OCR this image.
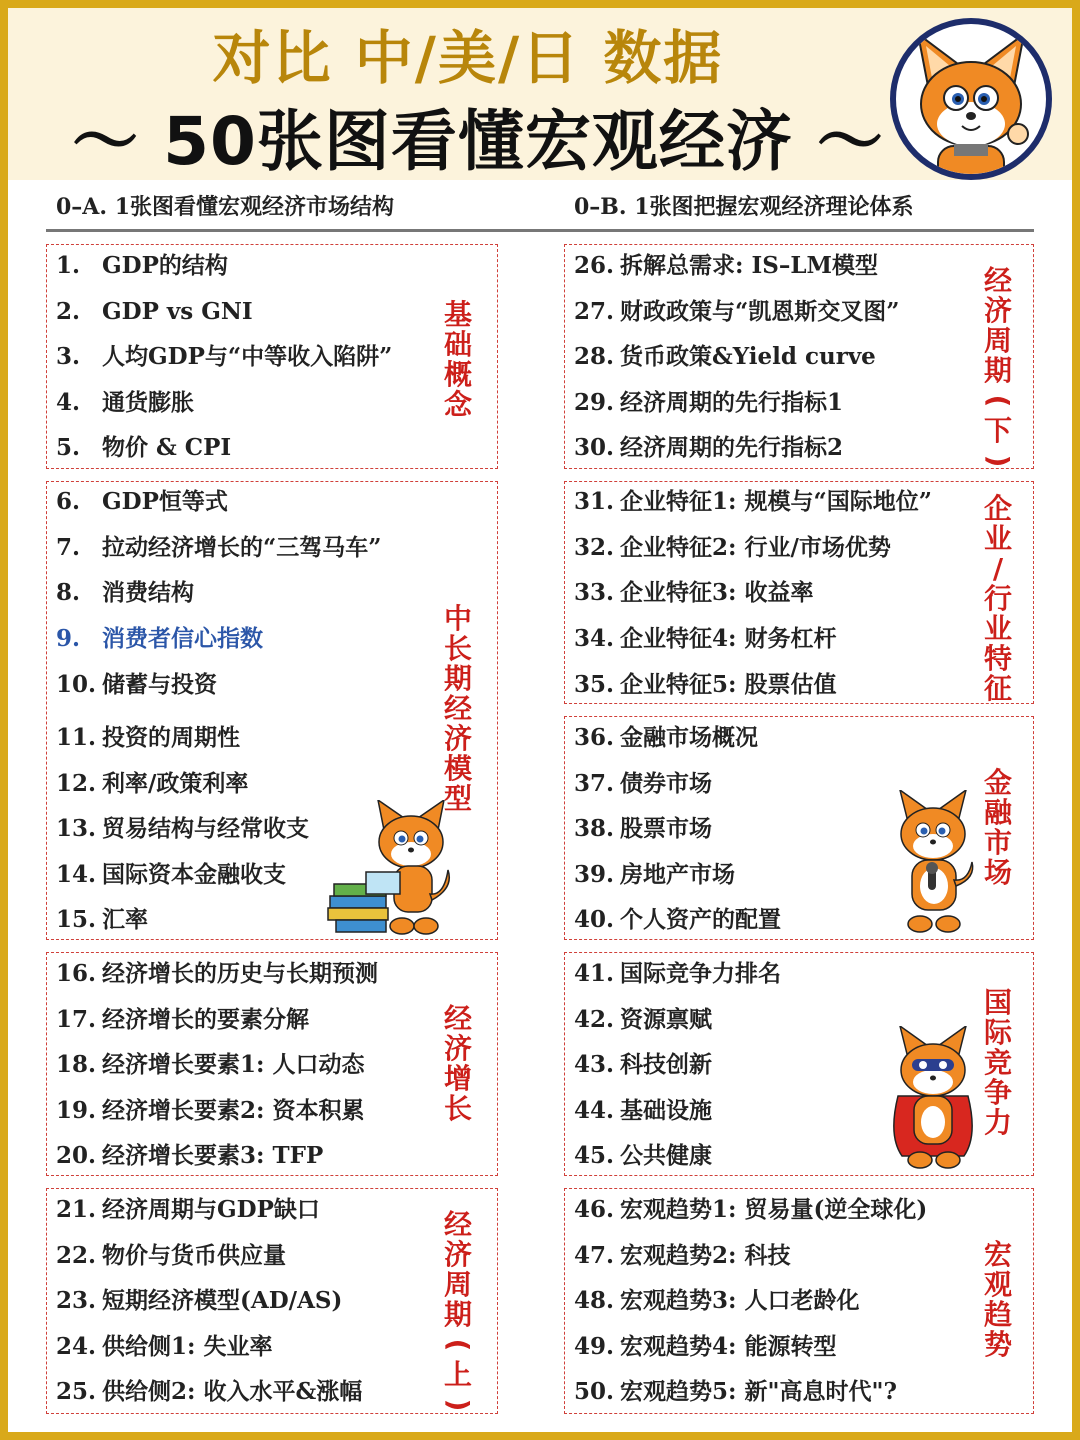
对比 中/美/日 数据
～ 50张图看懂宏观经济 ～
0–A. 1张图看懂宏观经济市场结构	0–B. 1张图把握宏观经济理论体系
1. GDP的结构
2. GDP vs GNI
3. 人均GDP与“中等收入陷阱”
4. 通货膨胀
5. 物价 & CPI
6. GDP恒等式
7. 拉动经济增长的“三驾马车”
8. 消费结构
9. 消费者信心指数
10. 储蓄与投资
11. 投资的周期性
12. 利率/政策利率
13. 贸易结构与经常收支
14. 国际资本金融收支
15. 汇率
16. 经济增长的历史与长期预测
17. 经济增长的要素分解
18. 经济增长要素1: 人口动态
19. 经济增长要素2: 资本积累
20. 经济增长要素3: TFP
21. 经济周期与GDP缺口
22. 物价与货币供应量
23. 短期经济模型(AD/AS)
24. 供给侧1: 失业率
25. 供给侧2: 收入水平&涨幅
26. 拆解总需求: IS–LM模型
27. 财政政策与“凯恩斯交叉图”
28. 货币政策&Yield curve
29. 经济周期的先行指标1
30. 经济周期的先行指标2
31. 企业特征1: 规模与“国际地位”
32. 企业特征2: 行业/市场优势
33. 企业特征3: 收益率
34. 企业特征4: 财务杠杆
35. 企业特征5: 股票估值
36. 金融市场概况
37. 债券市场
38. 股票市场
39. 房地产市场
40. 个人资产的配置
41. 国际竞争力排名
42. 资源禀赋
43. 科技创新
44. 基础设施
45. 公共健康
46. 宏观趋势1: 贸易量(逆全球化)
47. 宏观趋势2: 科技
48. 宏观趋势3: 人口老龄化
49. 宏观趋势4: 能源转型
50. 宏观趋势5: 新"高息时代"?
基
础
概
念
中
长
期
经
济
模
型
经
济
增
长
经
济
周
期
(
上
)
经
济
周
期
(
下
)
企
业
/
行
业
特
征
金
融
市
场
国
际
竞
争
力
宏
观
趋
势
